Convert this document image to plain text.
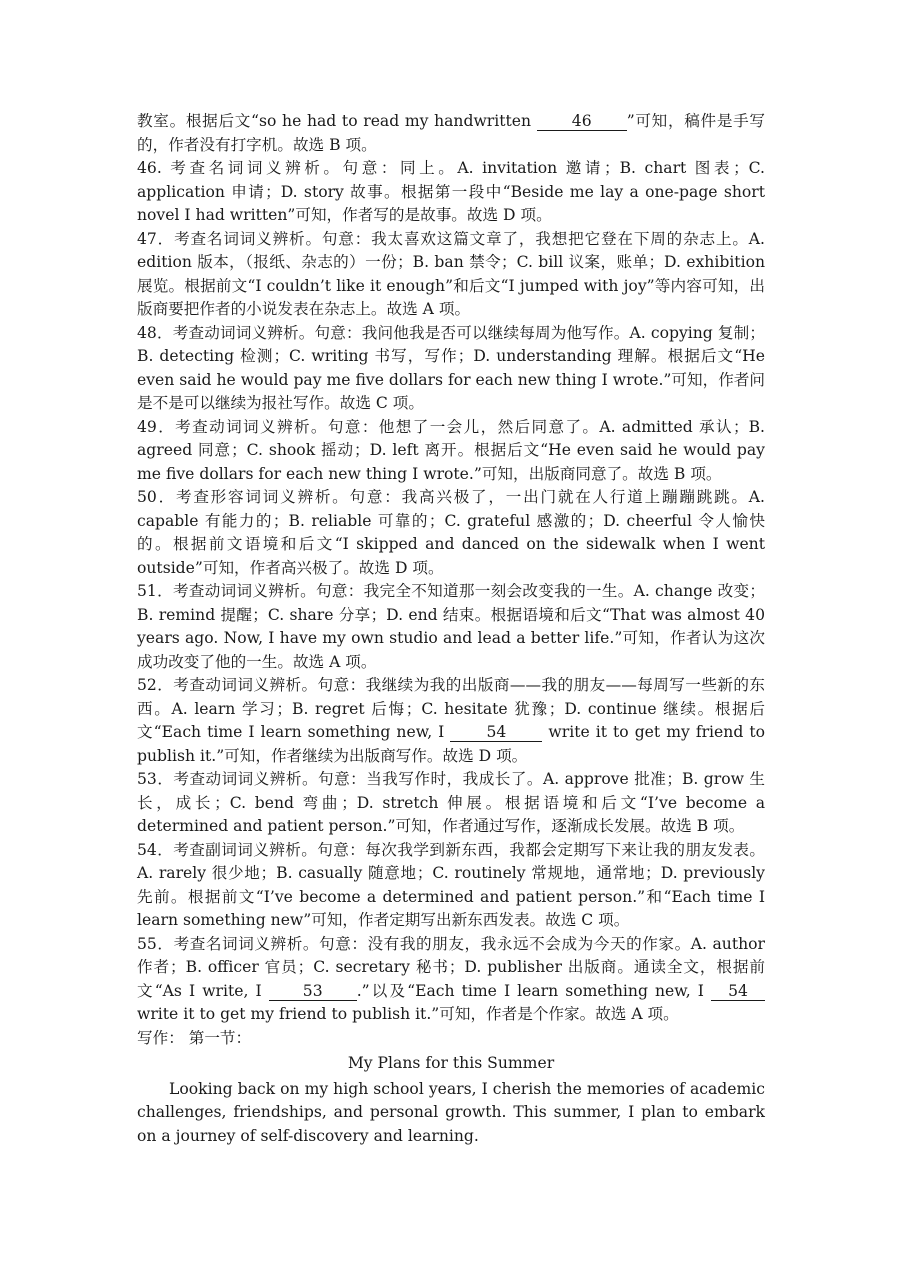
教室。根据后文“so he had to read my handwritten 46 ”可知，稿件是手写的，作者没有打字机。故选 B 项。

46. 考查名词词义辨析。句意：同上。A. invitation 邀请；B. chart 图表；C. application 申请；D. story 故事。根据第一段中“Beside me lay a one-page short novel I had written”可知，作者写的是故事。故选 D 项。

47．考查名词词义辨析。句意：我太喜欢这篇文章了，我想把它登在下周的杂志上。A. edition 版本，（报纸、杂志的）一份；B. ban 禁令；C. bill 议案，账单；D. exhibition 展览。根据前文“I couldn’t like it enough”和后文“I jumped with joy”等内容可知，出版商要把作者的小说发表在杂志上。故选 A 项。

48．考查动词词义辨析。句意：我问他我是否可以继续每周为他写作。A. copying 复制；B. detecting 检测；C. writing 书写，写作；D. understanding 理解。根据后文“He even said he would pay me five dollars for each new thing I wrote.”可知，作者问是不是可以继续为报社写作。故选 C 项。

49．考查动词词义辨析。句意：他想了一会儿，然后同意了。A. admitted 承认；B. agreed 同意；C. shook 摇动；D. left 离开。根据后文“He even said he would pay me five dollars for each new thing I wrote.”可知，出版商同意了。故选 B 项。

50．考查形容词词义辨析。句意：我高兴极了，一出门就在人行道上蹦蹦跳跳。A. capable 有能力的；B. reliable 可靠的；C. grateful 感激的；D. cheerful 令人愉快的。根据前文语境和后文“I skipped and danced on the sidewalk when I went outside”可知，作者高兴极了。故选 D 项。

51．考查动词词义辨析。句意：我完全不知道那一刻会改变我的一生。A. change 改变；B. remind 提醒；C. share 分享；D. end 结束。根据语境和后文“That was almost 40 years ago. Now, I have my own studio and lead a better life.”可知，作者认为这次成功改变了他的一生。故选 A 项。

52．考查动词词义辨析。句意：我继续为我的出版商——我的朋友——每周写一些新的东西。A. learn 学习；B. regret 后悔；C. hesitate 犹豫；D. continue 继续。根据后文“Each time I learn something new, I 54 write it to get my friend to publish it.”可知，作者继续为出版商写作。故选 D 项。

53．考查动词词义辨析。句意：当我写作时，我成长了。A. approve 批准；B. grow 生长，成长；C. bend 弯曲；D. stretch 伸展。根据语境和后文“I’ve become a determined and patient person.”可知，作者通过写作，逐渐成长发展。故选 B 项。

54．考查副词词义辨析。句意：每次我学到新东西，我都会定期写下来让我的朋友发表。A. rarely 很少地；B. casually 随意地；C. routinely 常规地，通常地；D. previously 先前。根据前文“I’ve become a determined and patient person.”和“Each time I learn something new”可知，作者定期写出新东西发表。故选 C 项。

55．考查名词词义辨析。句意：没有我的朋友，我永远不会成为今天的作家。A. author 作者；B. officer 官员；C. secretary 秘书；D. publisher 出版商。通读全文，根据前文“As I write, I 53 .”以及“Each time I learn something new, I 54 write it to get my friend to publish it.”可知，作者是个作家。故选 A 项。

写作： 第一节：

My Plans for this Summer

Looking back on my high school years, I cherish the memories of academic challenges, friendships, and personal growth. This summer, I plan to embark on a journey of self-discovery and learning.
